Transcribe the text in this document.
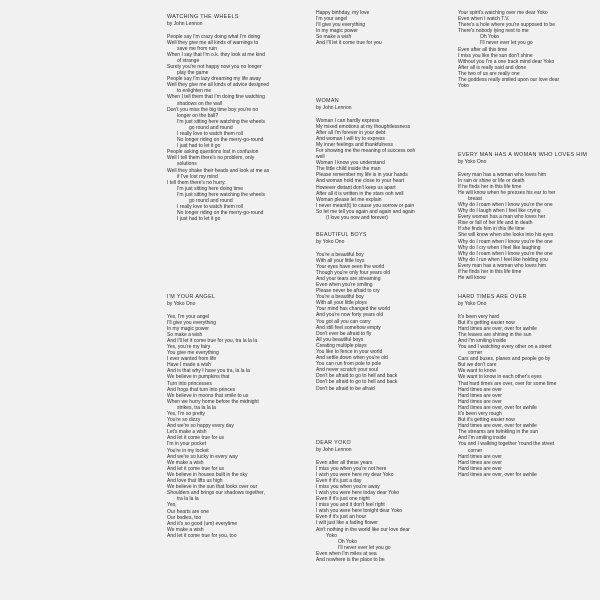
WATCHING THE WHEELS
by John Lennon
People say I'm crazy doing what I'm doing
Well they give me all kinds of warnings to
save me from ruin
When I say that I'm o.k. they look at me kind
of strange
Surely you're not happy now you no longer
play the game
People say I'm lazy dreaming my life away
Well they give me all kinds of advice designed
to enlighten me
When I tell them that I'm doing fine watching
shadows on the wall
Don't you miss the big time boy you're no
longer on the ball?
I'm just sitting here watching the wheels
go round and round
I really love to watch them roll
No longer riding on the merry-go-round
I just had to let it go
People asking questions lost in confusion
Well I tell them there's no problem, only
solutions
Well they shake their heads and look at me as
if I've lost my mind
I tell them there's no hurry.
I'm just sitting here doing time
I'm just sitting here watching the wheels
go round and round
I really love to watch them roll
No longer riding on the merry-go-round
I just had to let it go
I'M YOUR ANGEL
by Yoko Ono
Yes, I'm your angel
I'll give you everything
In my magic power
So make a wish
And I'll let it come true for you, tra la la la
Yes, you're my fairy
You give me everything
I ever wanted from life
Have I made a wish
And is that why I have you tra, la la la
We believe in pumpkins that
Turn into princesses
And frogs that turn into princes
We believe in moons that smile to us
When we hurry home before the midnight
strikes, tra la la la
Yes, I'm so pretty
You're so dizzy
And we're so happy every day
Let's make a wish
And let it come true for us
I'm in your pocket
You're in my locket
And we're so lucky in every way
We make a wish
And let it come true for us
We believe in houses built in the sky
And love that lifts us high
We believe in the sun that looks over our
Shoulders and brings our shadows together,
tra la la la
Yes,
Our hearts are one
Our bodies, too
And it's so good (um) everytime
We make a wish
And let it come true for you, too
Happy birthday, my love
I'm your angel
I'll give you everything
In my magic power
So make a wish
And I'll let it come true for you
WOMAN
by John Lennon
Woman I can hardly express
My mixed emotions at my thoughtlessness
After all I'm forever in your debt
And woman I will try to express
My inner feelings and thankfulness
For showing me the meaning of success ooh
well
Woman I know you understand
The little child inside the man
Please remember my life is in your hands
And woman hold me close to your heart
However distant don't keep us apart
After all it is written in the stars ooh well
Woman please let me explain
I never meant(t) to cause you sorrow or pain
So let me tell you again and again and again
(I love you now and forever)
BEAUTIFUL BOYS
by Yoko Ono
You're a beautiful boy
With all your little toys
Your eyes have seen the world
Though you're only four years old
And your tears are streaming
Even when you're smiling
Please never be afraid to cry
You're a beautiful boy
With all your little ploys
Your mind has changed the world
And you're now forty years old
You got all you can carry
And still feel somehow empty
Don't ever be afraid to fly
All you beautiful boys
Creating multiple plays
You like to fence in your world
And settle down when you're old
You can run from pole to pole
And never scratch your soul
Don't be afraid to go to hell and back
Don't be afraid to go to hell and back
Don't be afraid to be afraid
DEAR YOKO
by John Lennon
Even after all these years
I miss you when you're not here
I wish you were here my dear Yoko
Even if it's just a day
I miss you when you're away
I wish you were here today dear Yoko
Even if it's just one night
I miss you and it don't feel right
I wish you were here tonight dear Yoko
Even if it's just an hour
I wilt just like a fading flower
Ain't nothing in the world like our love dear
Yoko
Oh Yoko
I'll never ever let you go
Even when I'm miles at sea
And nowhere is the place to be
Your spirit's watching over me dear Yoko
Even when I watch T.V.
There's a hole where you're supposed to be
There's nobody lying next to me
Oh Yoko
I'll never ever let you go
Even after all this time
I miss you like the sun don't shine
Without you I'm a one track mind dear Yoko
After all is really said and done
The two of us are really one
The goddess really smiled upon our love dear
Yoko
EVERY MAN HAS A WOMAN WHO LOVES HIM
by Yoko Ono
Every man has a woman who loves him
In rain or shine or life or death
If he finds her in this life time
He will know when he presses his ear to her
breast
Why do I roam when I know you're the one
Why do I laugh when I feel like crying
Every woman has a man who loves her
Rise or fall of her life and in death
If she finds him in this life time
She will know when she looks into his eyes
Why do I roam when I know you're the one
Why do I cry when I feel like laughing
Why do I roam when I know you're the one
Why do I run when I feel like holding you
Every man has a woman who loves him
If he finds her in this life time
He will know
HARD TIMES ARE OVER
by Yoko Ono
It's been very hard
But it's getting easier now
Hard times are over, over for awhile
The leaves are shining in the sun
And I'm smiling inside
You and I watching every other on a street
corner
Cars and buses, planes and people go by
But we don't care
We want to know
We want to know in each other's eyes
That hard times are over, over for some time
Hard times are over
Hard times are over
Hard times are over
Hard times are over, over for awhile
It's been very rough
But it's getting easier now
Hard times are over, over for awhile
The streams are twinkling in the sun
And I'm smiling inside
You and I walking together 'round the street
corner
Hard times are over
Hard times are over
Hard times are over
Hard times are over, over for awhile
